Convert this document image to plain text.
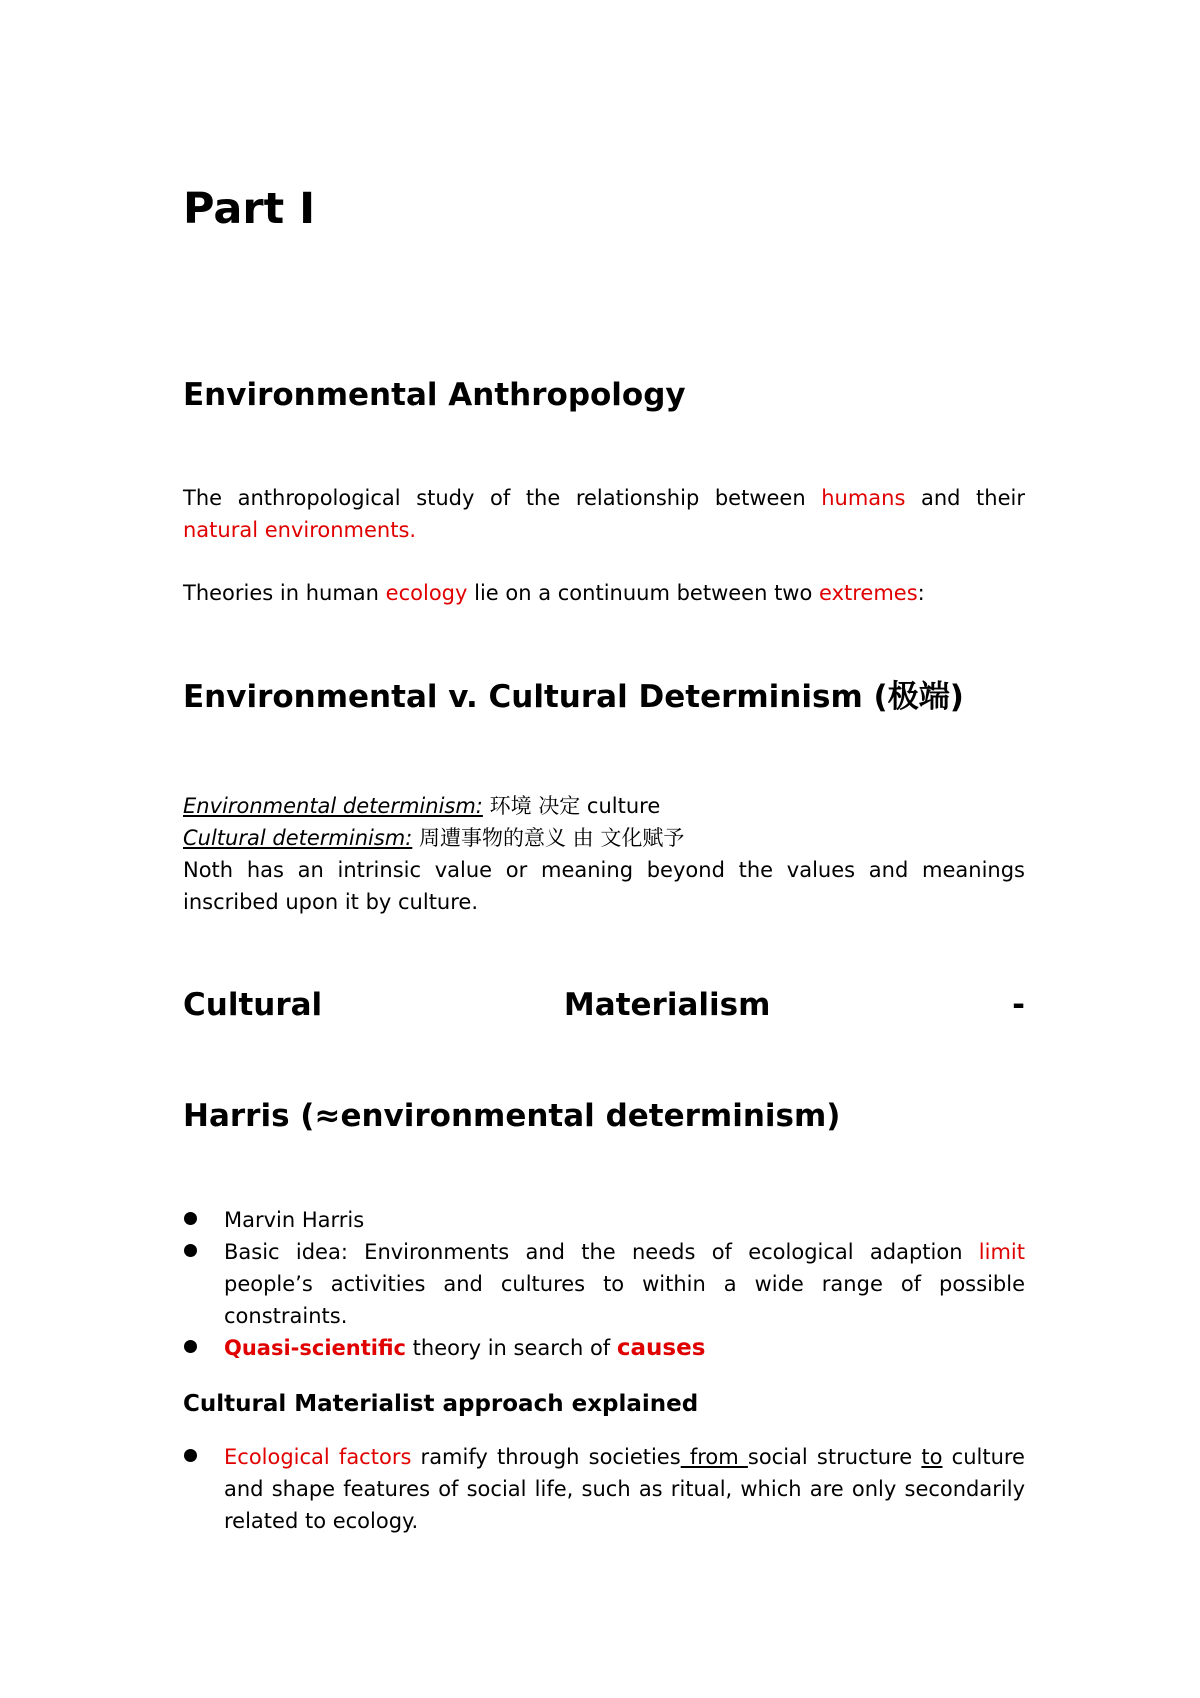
Part I
Environmental Anthropology

The anthropological study of the relationship between humans and their natural environments.

Theories in human ecology lie on a continuum between two extremes:

Environmental v. Cultural Determinism (极端)

Environmental determinism: 环境 决定 culture

Cultural determinism: 周遭事物的意义 由 文化赋予

Noth has an intrinsic value or meaning beyond the values and meanings inscribed upon it by culture.

Cultural	Materialism	-
Harris (≈environmental determinism)
Marvin Harris
Basic idea: Environments and the needs of ecological adaption limit people’s activities and cultures to within a wide range of possible constraints.
Quasi-scientific theory in search of causes
Cultural Materialist approach explained
Ecological factors ramify through societies from social structure to culture and shape features of social life, such as ritual, which are only secondarily related to ecology.
